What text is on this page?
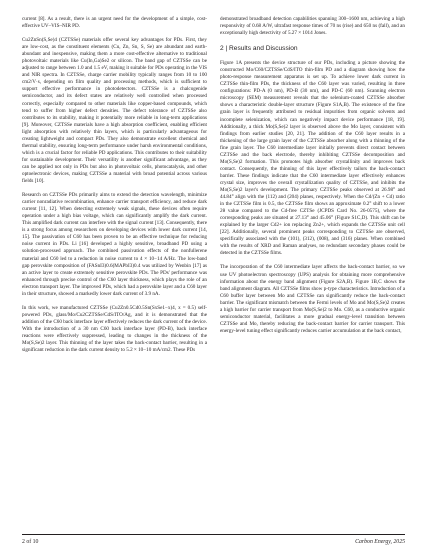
current [8]. As a result, there is an urgent need for the development of a simple, cost-effective UV–VIS–NIR PD.

Cu2ZnSn(S,Se)4 (CZTSSe) materials offer several key advantages for PDs. First, they are low-cost, as the constituent elements (Cu, Zn, Sn, S, Se) are abundant and earth-abundant and inexpensive, making them a more cost-effective alternative to traditional photovoltaic materials like Cu(In,Ga)Se2 or silicon. The band gap of CZTSSe can be adjusted to range between 1.0 and 1.5 eV, making it suitable for PDs operating in the VIS and NIR spectra. In CZTSSe, charge carrier mobility typically ranges from 10 to 100 cm2/V·s, depending on film quality and processing methods, which is sufficient to support effective performance in photodetectors. CZTSSe is a chalcogenide semiconductor, and its defect states are relatively well controlled when processed correctly, especially compared to other materials like copper-based compounds, which tend to suffer from higher defect densities. The defect tolerance of CZTSSe also contributes to its stability, making it potentially more reliable in long-term applications [9]. Moreover, CZTSSe materials have a high absorption coefficient, enabling efficient light absorption with relatively thin layers, which is particularly advantageous for creating lightweight and compact PDs. They also demonstrate excellent chemical and thermal stability, ensuring long-term performance under harsh environmental conditions, which is a crucial factor for reliable PD applications. This contributes to their suitability for sustainable development. Their versatility is another significant advantage, as they can be applied not only in PDs but also in photovoltaic cells, photocatalysis, and other optoelectronic devices, making CZTSSe a material with broad potential across various fields [10].

Research on CZTSSe PDs primarily aims to extend the detection wavelength, minimize carrier nonradiative recombination, enhance carrier transport efficiency, and reduce dark current [11, 12]. When detecting extremely weak signals, these devices often require operation under a high bias voltage, which can significantly amplify the dark current. This amplified dark current can interfere with the signal current [13]. Consequently, there is a strong focus among researchers on developing devices with lower dark current [14, 15]. The passivation of C60 has been proven to be an effective technique for reducing noise current in PDs. Li [16] developed a highly sensitive, broadband PD using a solution-processed approach. The combined passivation effects of the nonfullerene material and C60 led to a reduction in noise current to 4 × 10−14 A/Hz. The low-band gap perovskite composition of (FASnI3)0.6(MAPbI3)0.4 was utilized by Wenbin [17] as an active layer to create extremely sensitive perovskite PDs. The PDs' performance was enhanced through precise control of the C60 layer thickness, which plays the role of an electron transport layer. The improved PDs, which had a perovskite layer and a C60 layer in their structure, showed a markedly lower dark current of 3.9 nA.

In this work, we manufactured CZTSSe (Cu2Zn0.5Cd0.5Sn(SxSe1−x)4, x = 0.5) self-powered PDs, glass/Mo/Cu2CZTSSe/CdS/ITO/Ag, and it is demonstrated that the addition of the C60 back interface layer effectively reduces the dark current of the device. With the introduction of a 30 nm C60 back interface layer (PD-B), back interface reactions were effectively suppressed, leading to changes in the thickness of the Mo(S,Se)2 layer. This thinning of the layer takes the back-contact barrier, resulting in a significant reduction in the dark current density to 5.2 × 10−10 mA/cm2. These PDs

demonstrated broadband detection capabilities spanning 300–1600 nm, achieving a high responsivity of 0.68 A/W, ultrafast response times of 70 ns (rise) and 650 ns (fall), and an exceptionally high detectivity of 5.27 × 1014 Jones.

2 | Results and Discussion

Figure 1A presents the device structure of our PDs, including a picture showing the constructed Mo/C60/CZTSSe/CdS/ITO thin-film PD and a diagram showing how the photo-response measurement apparatus is set up. To achieve lower dark current in CZTSSe thin-film PDs, the thickness of the C60 layer was varied, resulting in three configurations: PD-A (0 nm), PD-B (30 nm), and PD-C (60 nm). Scanning electron microscopy (SEM) measurement reveals that the selenium-coated CZTSSe absorber shows a characteristic double-layer structure (Figure S1A,B). The existence of the fine grain layer is frequently attributed to residual impurities from organic solvents and incomplete selenization, which can negatively impact device performance [18, 19]. Additionally, a thick Mo(S,Se)2 layer is observed above the Mo layer, consistent with findings from earlier studies [20, 21]. The addition of the C60 layer results in a thickening of the large grain layer of the CZTSSe absorber along with a thinning of the fine grain layer. The C60 intermediate layer initially prevents direct contact between CZTSSe and the back electrode, thereby inhibiting CZTSSe decomposition and Mo(S,Se)2 formation. This promotes high absorber crystallinity and improves back contact. Consequently, the thinning of this layer effectively tailors the back-contact barrier. These findings indicate that the C60 intermediate layer effectively enhances crystal size, improves the overall crystallization quality of CZTSSe, and inhibits the Mo(S,Se)2 layer's development. The primary CZTSSe peaks observed at 26.98° and 44.84° align with the (112) and (204) planes, respectively. When the Cd/(Zn + Cd) ratio in the CZTSSe film is 0.5, the CZTSSe film shows an approximate 0.2° shift to a lower 2θ value compared to the Cd-free CZTSe (JCPDS Card No. 26-0575), where the corresponding peaks are situated at 27.13° and 45.06° (Figure S1C,D). This shift can be explained by the larger Cd2+ ion replacing Zn2+, which expands the CZTSSe unit cell [22]. Additionally, several prominent peaks corresponding to CZTSSe are observed, specifically associated with the (101), (312), (008), and (316) planes. When combined with the results of XRD and Raman analyses, no redundant secondary phases could be detected in the CZTSSe films.

The incorporation of the C60 intermediate layer affects the back-contact barrier, so we use UV photoelectron spectroscopy (UPS) analysis for obtaining more comprehensive information about the energy band alignment (Figure S2A,B). Figure 1B,C shows the band alignment diagram. All CZTSSe films show p-type characteristics. Introduction of a C60 buffer layer between Mo and CZTSSe can significantly reduce the back-contact barrier. The significant mismatch between the Fermi levels of Mo and Mo(S,Se)2 creates a high barrier for carrier transport from Mo(S,Se)2 to Mo. C60, as a conductive organic semiconductor material, facilitates a more gradual energy-level transition between CZTSSe and Mo, thereby reducing the back-contact barrier for carrier transport. This energy-level tuning effect significantly reduces carrier accumulation at the back contact,

2 of 10	Carbon Energy, 2025
